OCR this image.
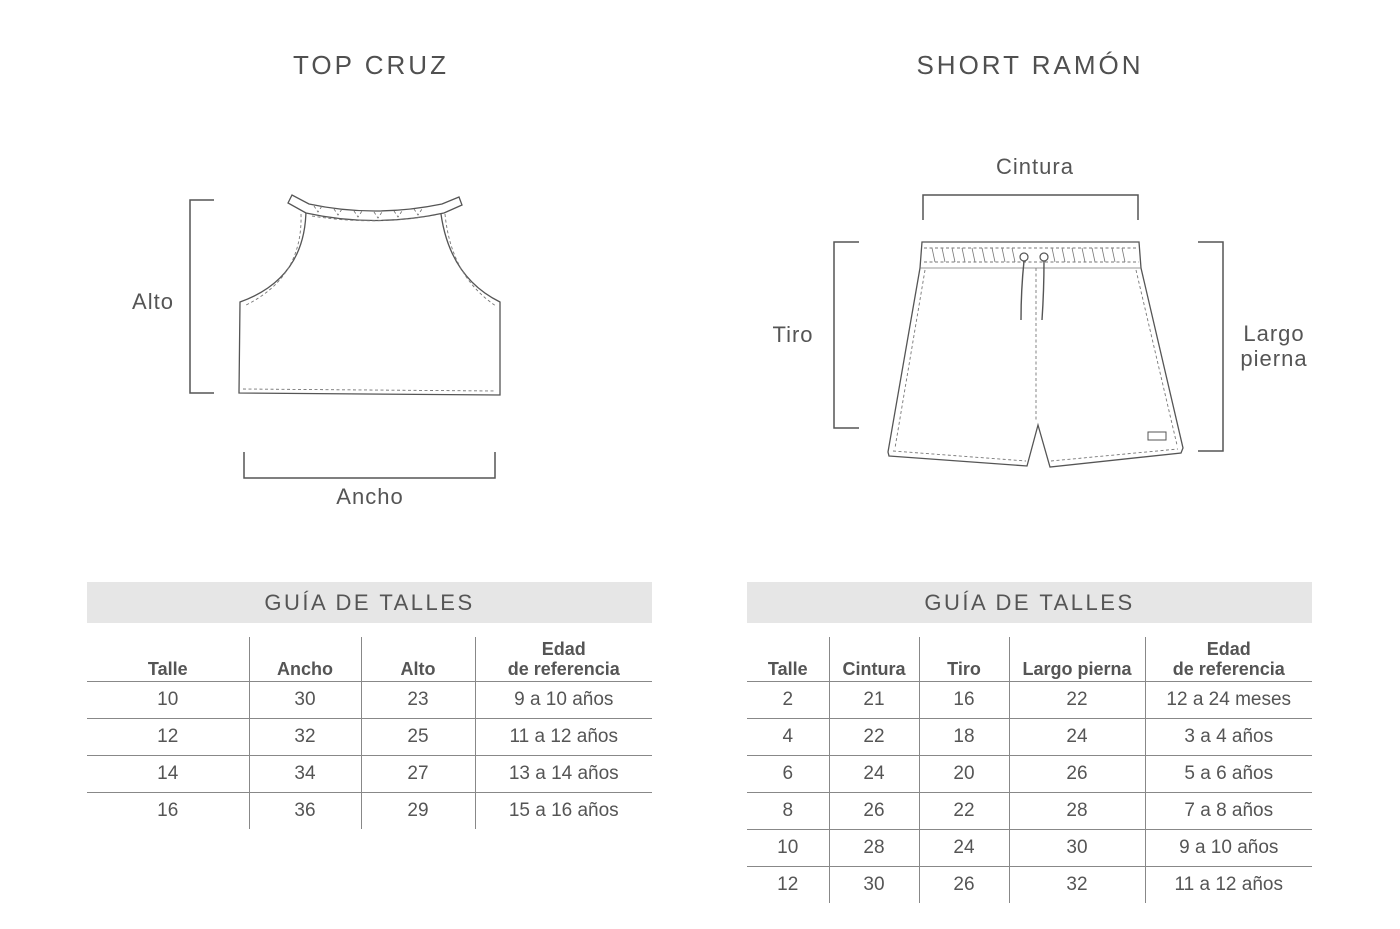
TOP CRUZ	SHORT RAMÓN
Alto
Ancho
Cintura
Tiro	Largo
pierna
GUÍA DE TALLES	GUÍA DE TALLES
Talle	Ancho	Alto	Edad
de referencia
10	30	23	9 a 10 años
12	32	25	11 a 12 años
14	34	27	13 a 14 años
16	36	29	15 a 16 años
Talle	Cintura	Tiro	Largo pierna	Edad
de referencia
2	21	16	22	12 a 24 meses
4	22	18	24	3 a 4 años
6	24	20	26	5 a 6 años
8	26	22	28	7 a 8 años
10	28	24	30	9 a 10 años
12	30	26	32	11 a 12 años
